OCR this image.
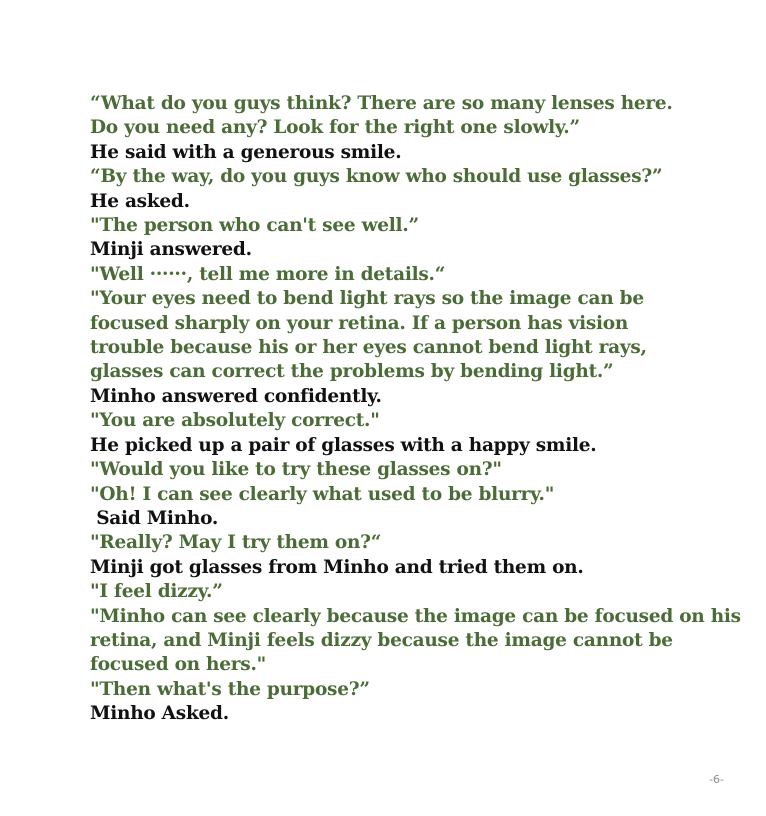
“What do you guys think? There are so many lenses here.
Do you need any? Look for the right one slowly.”
He said with a generous smile.
“By the way, do you guys know who should use glasses?”
He asked.
"The person who can't see well.”
Minji answered.
"Well ······, tell me more in details.“
"Your eyes need to bend light rays so the image can be
focused sharply on your retina. If a person has vision
trouble because his or her eyes cannot bend light rays,
glasses can correct the problems by bending light.”
Minho answered confidently.
"You are absolutely correct."
He picked up a pair of glasses with a happy smile.
"Would you like to try these glasses on?"
"Oh! I can see clearly what used to be blurry."
Said Minho.
"Really? May I try them on?“
Minji got glasses from Minho and tried them on.
"I feel dizzy.”
"Minho can see clearly because the image can be focused on his
retina, and Minji feels dizzy because the image cannot be
focused on hers."
"Then what's the purpose?”
Minho Asked.
-6-
